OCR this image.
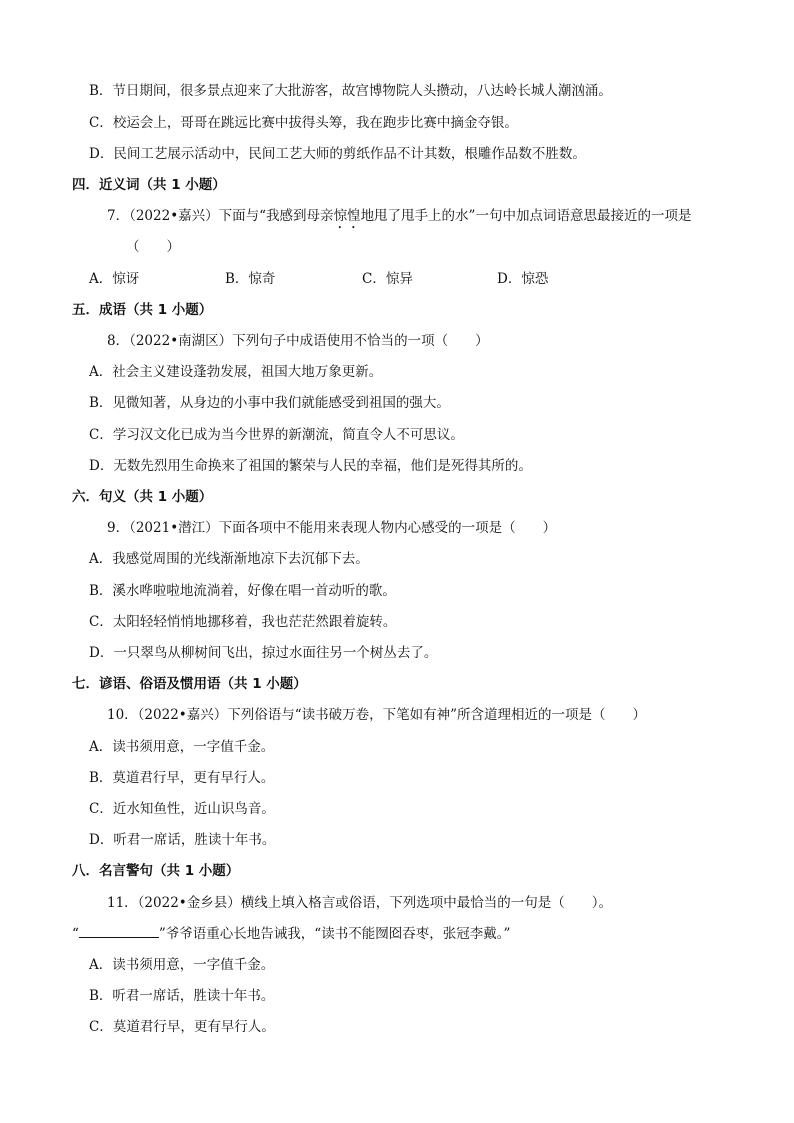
B．节日期间，很多景点迎来了大批游客，故宫博物院人头攒动，八达岭长城人潮汹涌。
C．校运会上，哥哥在跳远比赛中拔得头筹，我在跑步比赛中摘金夺银。
D．民间工艺展示活动中，民间工艺大师的剪纸作品不计其数，根雕作品数不胜数。
四．近义词（共 1 小题）
7．（2022•嘉兴）下面与“我感到母亲惊惶地甩了甩手上的水”一句中加点词语意思最接近的一项是
（　　）
A．惊讶	B．惊奇	C．惊异	D．惊恐
五．成语（共 1 小题）
8．（2022•南湖区）下列句子中成语使用不恰当的一项（　　）
A．社会主义建设蓬勃发展，祖国大地万象更新。
B．见微知著，从身边的小事中我们就能感受到祖国的强大。
C．学习汉文化已成为当今世界的新潮流，简直令人不可思议。
D．无数先烈用生命换来了祖国的繁荣与人民的幸福，他们是死得其所的。
六．句义（共 1 小题）
9．（2021•潜江）下面各项中不能用来表现人物内心感受的一项是（　　）
A．我感觉周围的光线渐渐地凉下去沉郁下去。
B．溪水哗啦啦地流淌着，好像在唱一首动听的歌。
C．太阳轻轻悄悄地挪移着，我也茫茫然跟着旋转。
D．一只翠鸟从柳树间飞出，掠过水面往另一个树丛去了。
七．谚语、俗语及惯用语（共 1 小题）
10．（2022•嘉兴）下列俗语与“读书破万卷，下笔如有神”所含道理相近的一项是（　　）
A．读书须用意，一字值千金。
B．莫道君行早，更有早行人。
C．近水知鱼性，近山识鸟音。
D．听君一席话，胜读十年书。
八．名言警句（共 1 小题）
11．（2022•金乡县）横线上填入格言或俗语，下列选项中最恰当的一句是（　　）。
“	”爷爷语重心长地告诫我，“读书不能囫囵吞枣，张冠李戴。”
A．读书须用意，一字值千金。
B．听君一席话，胜读十年书。
C．莫道君行早，更有早行人。
